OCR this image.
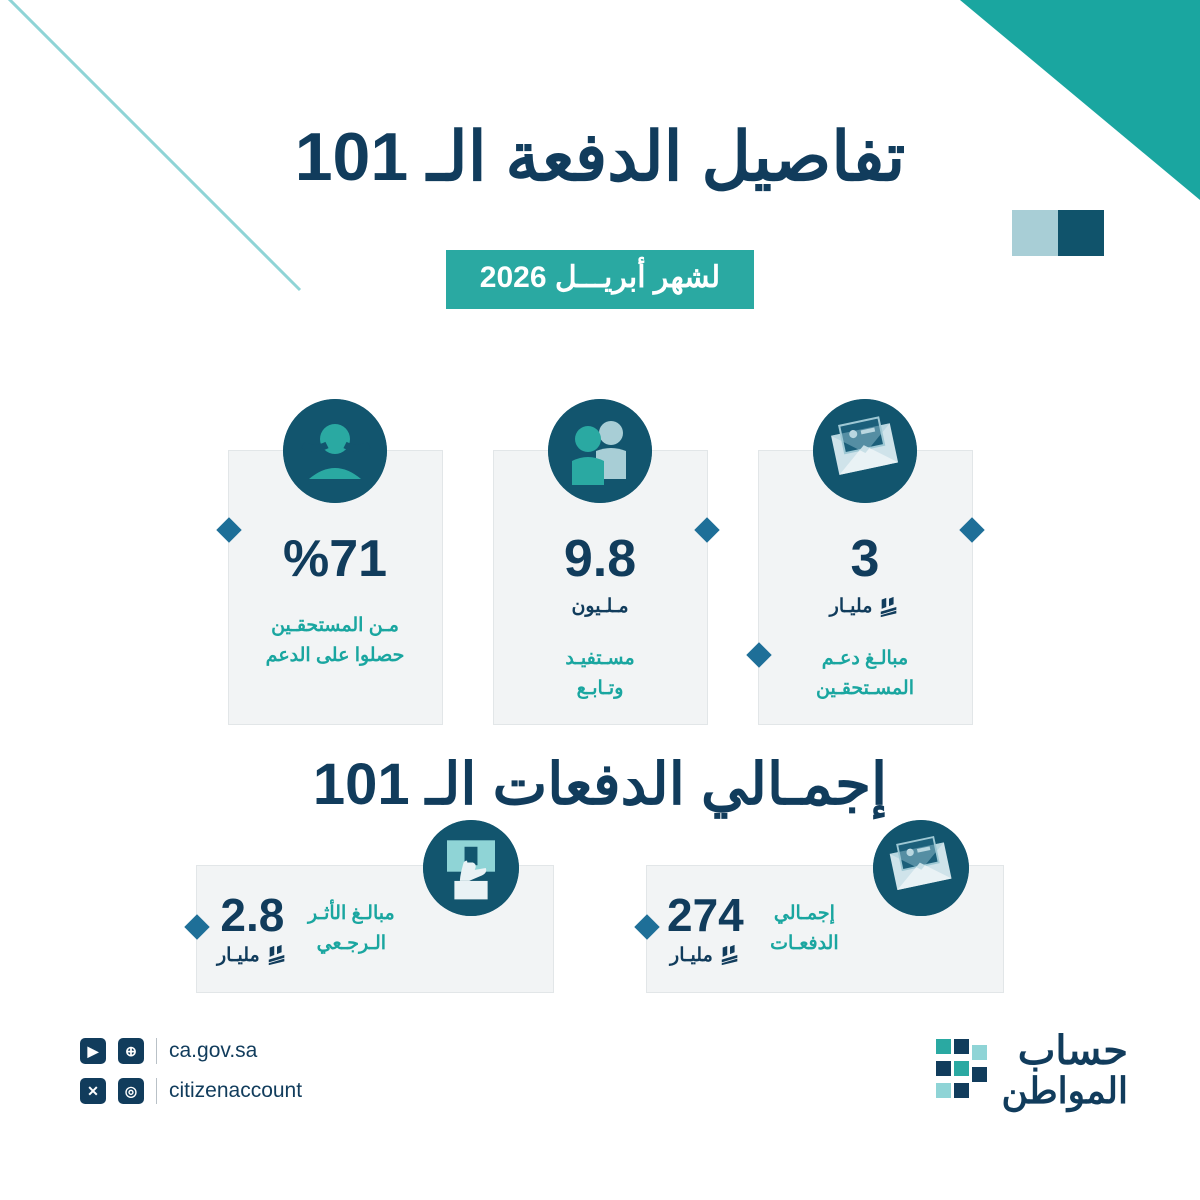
تفاصيل الدفعة الـ 101
لشهر أبريـــل 2026
3
مليـار
مبالـغ دعـم
المسـتحقـين
9.8
مـلـيون
مسـتفيـد
وتـابـع
%71
مـن المستحقـين
حصلوا على الدعم
إجمـالي الدفعات الـ 101
إجمـالي
الدفعـات
274
مليـار
مبالـغ الأثـر
الـرجـعي
2.8
مليـار
▶	⊕	ca.gov.sa
✕	◎	citizenaccount
حساب
المواطن
